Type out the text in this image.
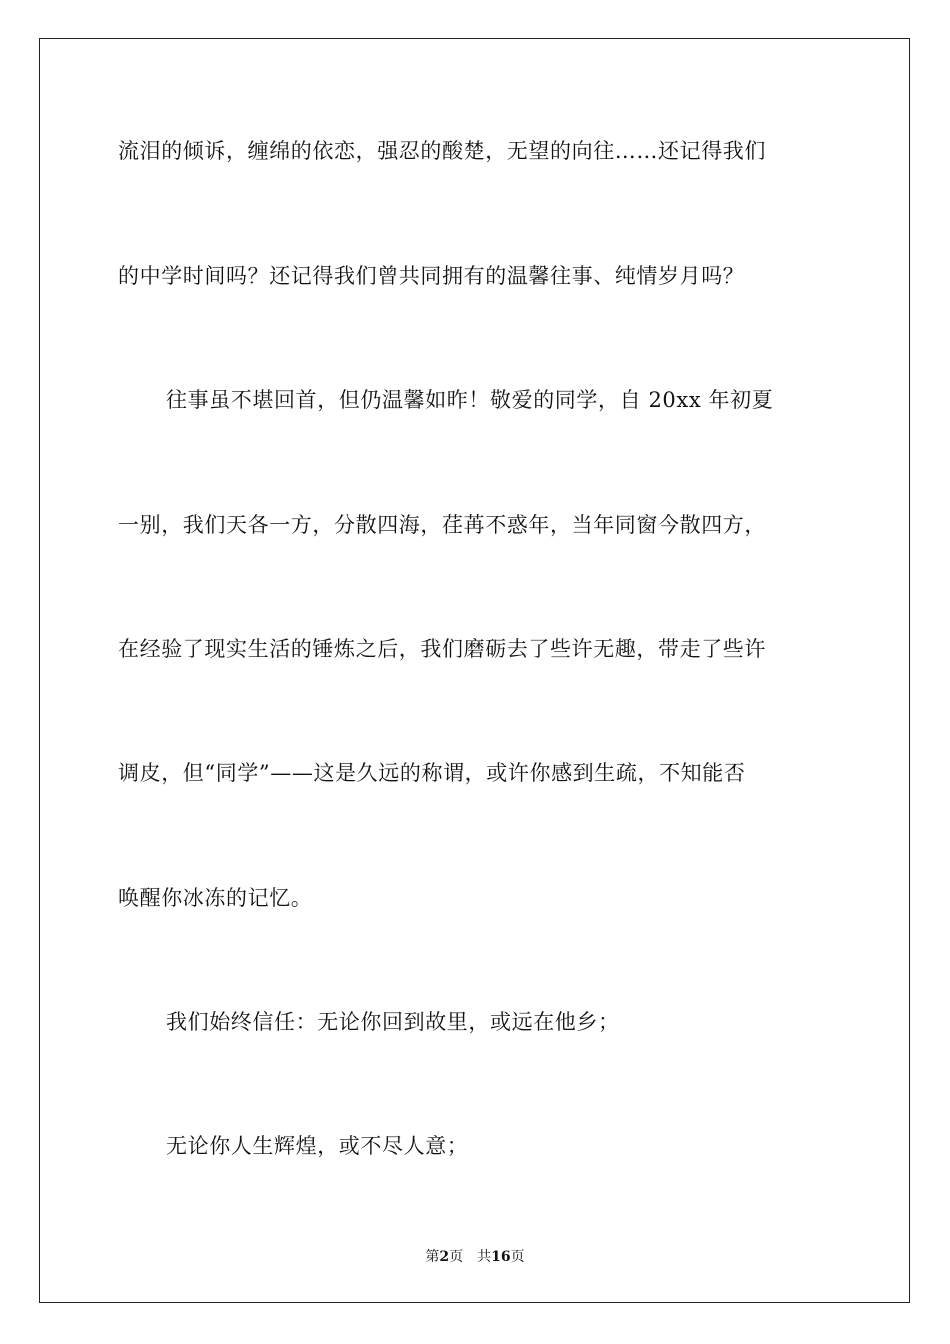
流泪的倾诉，缠绵的依恋，强忍的酸楚，无望的向往……还记得我们
的中学时间吗？还记得我们曾共同拥有的温馨往事、纯情岁月吗？
往事虽不堪回首，但仍温馨如昨！敬爱的同学，自 20xx 年初夏
一别，我们天各一方，分散四海，荏苒不惑年，当年同窗今散四方，
在经验了现实生活的锤炼之后，我们磨砺去了些许无趣，带走了些许
调皮，但“同学”——这是久远的称谓，或许你感到生疏，不知能否
唤醒你冰冻的记忆。
我们始终信任：无论你回到故里，或远在他乡；
无论你人生辉煌，或不尽人意；
第2页 共16页
